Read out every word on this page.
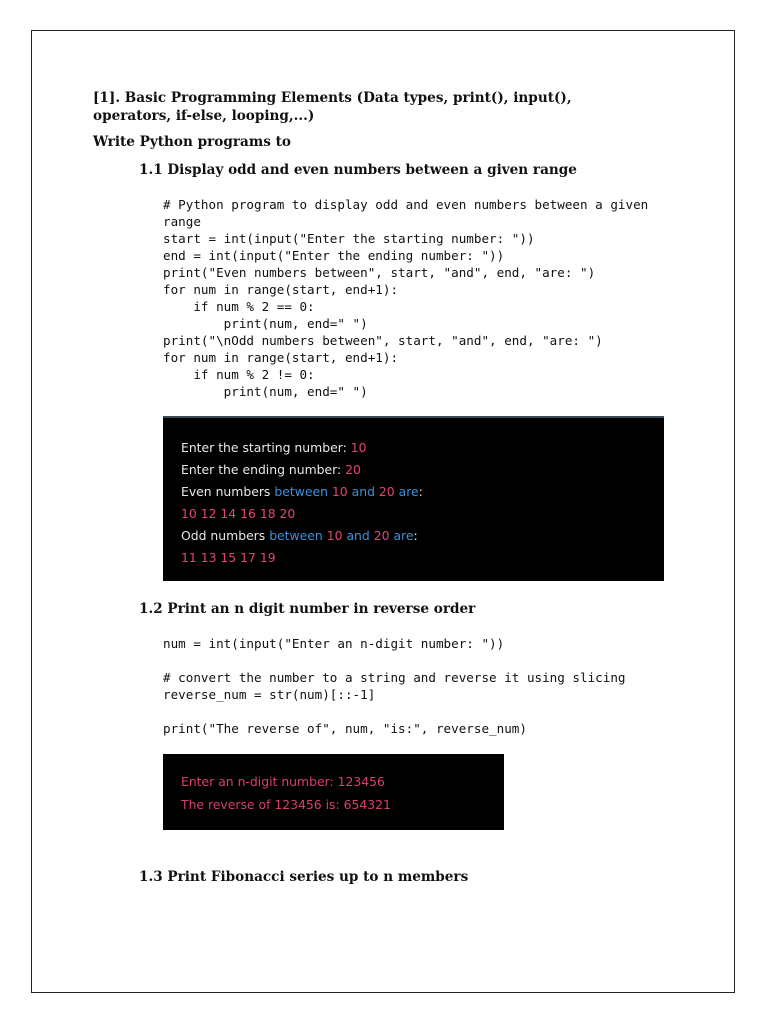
[1]. Basic Programming Elements (Data types, print(), input(), operators, if-else, looping,...)
Write Python programs to
1.1 Display odd and even numbers between a given range
# Python program to display odd and even numbers between a given
range
start = int(input("Enter the starting number: "))
end = int(input("Enter the ending number: "))
print("Even numbers between", start, "and", end, "are: ")
for num in range(start, end+1):
if num % 2 == 0:
print(num, end=" ")
print("\nOdd numbers between", start, "and", end, "are: ")
for num in range(start, end+1):
if num % 2 != 0:
print(num, end=" ")
Enter the starting number: 10
Enter the ending number: 20
Even numbers between 10 and 20 are:
10 12 14 16 18 20
Odd numbers between 10 and 20 are:
11 13 15 17 19
1.2 Print an n digit number in reverse order
num = int(input("Enter an n-digit number: "))
# convert the number to a string and reverse it using slicing
reverse_num = str(num)[::-1]
print("The reverse of", num, "is:", reverse_num)
Enter an n-digit number: 123456
The reverse of 123456 is: 654321
1.3 Print Fibonacci series up to n members
